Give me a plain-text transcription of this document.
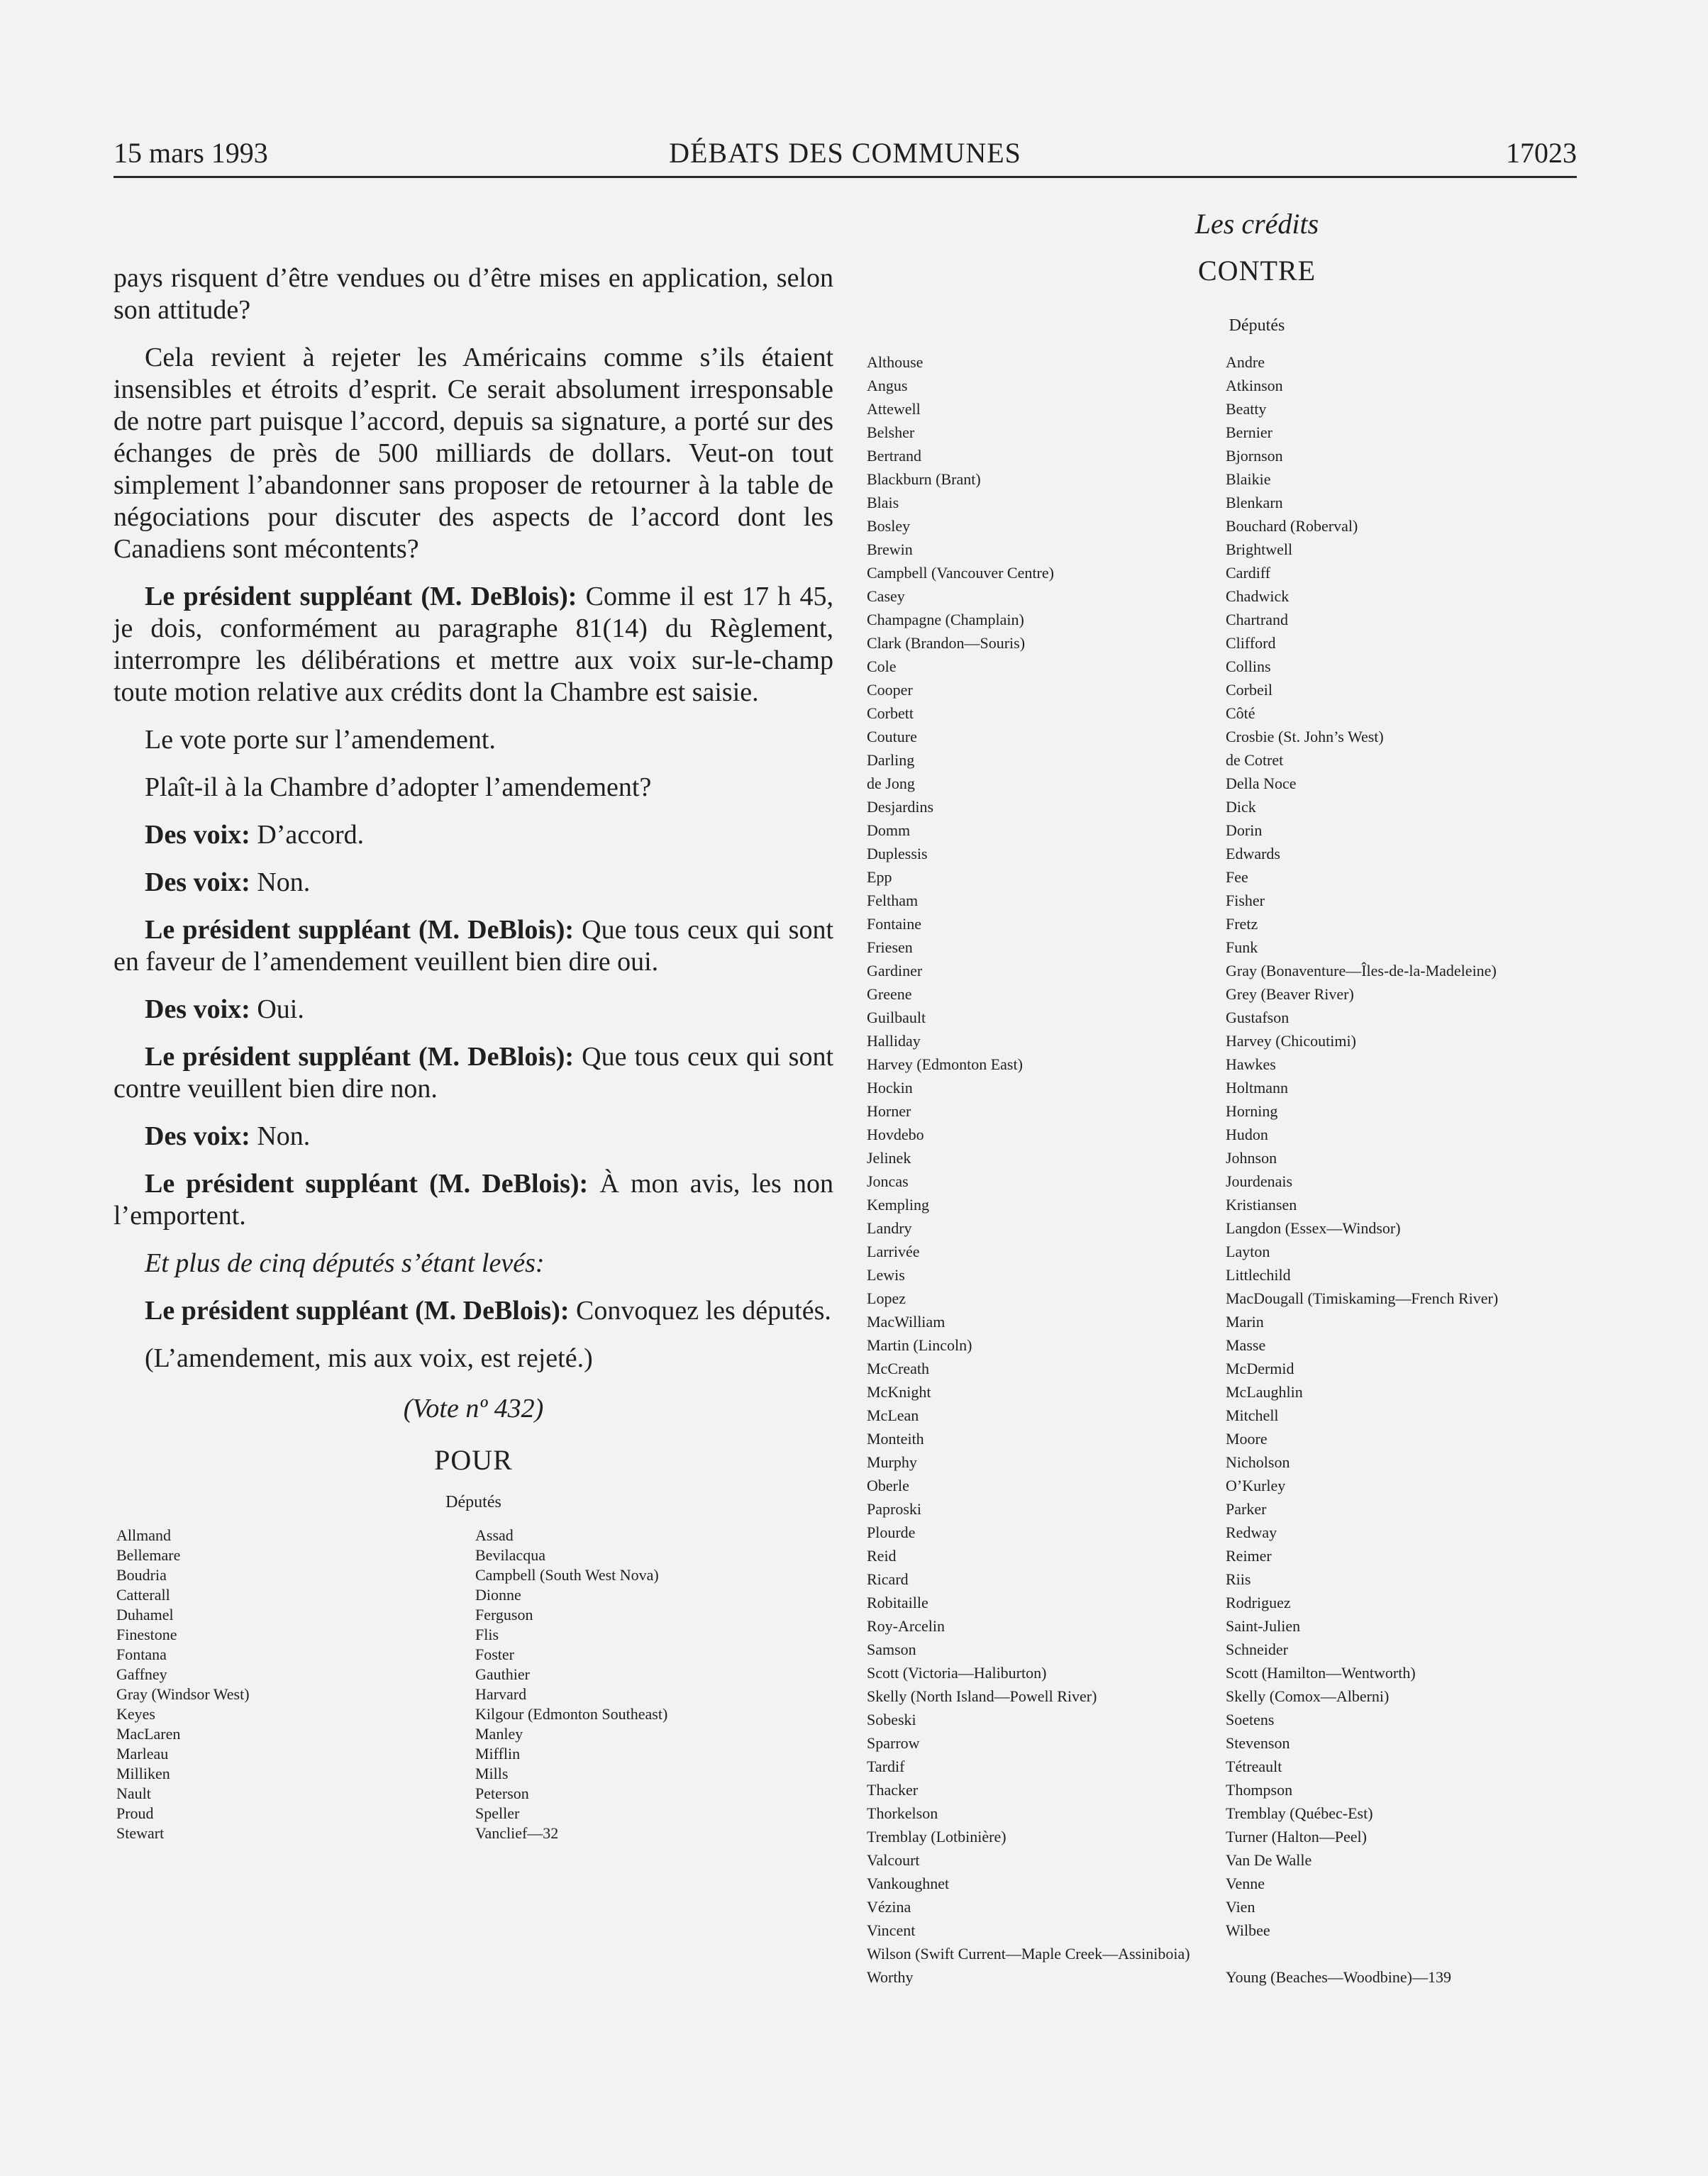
15 mars 1993	DÉBATS DES COMMUNES	17023

pays risquent d’être vendues ou d’être mises en application, selon son attitude?

Cela revient à rejeter les Américains comme s’ils étaient insensibles et étroits d’esprit. Ce serait absolument irresponsable de notre part puisque l’accord, depuis sa signature, a porté sur des échanges de près de 500 milliards de dollars. Veut-on tout simplement l’abandonner sans proposer de retourner à la table de négociations pour discuter des aspects de l’accord dont les Canadiens sont mécontents?

Le président suppléant (M. DeBlois): Comme il est 17 h 45, je dois, conformément au paragraphe 81(14) du Règlement, interrompre les délibérations et mettre aux voix sur-le-champ toute motion relative aux crédits dont la Chambre est saisie.

Le vote porte sur l’amendement.

Plaît-il à la Chambre d’adopter l’amendement?

Des voix: D’accord.

Des voix: Non.

Le président suppléant (M. DeBlois): Que tous ceux qui sont en faveur de l’amendement veuillent bien dire oui.

Des voix: Oui.

Le président suppléant (M. DeBlois): Que tous ceux qui sont contre veuillent bien dire non.

Des voix: Non.

Le président suppléant (M. DeBlois): À mon avis, les non l’emportent.

Et plus de cinq députés s’étant levés:

Le président suppléant (M. DeBlois): Convoquez les députés.

(L’amendement, mis aux voix, est rejeté.)

(Vote nº 432)
POUR
Députés
Allmand
Bellemare
Boudria
Catterall
Duhamel
Finestone
Fontana
Gaffney
Gray (Windsor West)
Keyes
MacLaren
Marleau
Milliken
Nault
Proud
Stewart
Assad
Bevilacqua
Campbell (South West Nova)
Dionne
Ferguson
Flis
Foster
Gauthier
Harvard
Kilgour (Edmonton Southeast)
Manley
Mifflin
Mills
Peterson
Speller
Vanclief—32
Les crédits
CONTRE
Députés
Althouse
Angus
Attewell
Belsher
Bertrand
Blackburn (Brant)
Blais
Bosley
Brewin
Campbell (Vancouver Centre)
Casey
Champagne (Champlain)
Clark (Brandon—Souris)
Cole
Cooper
Corbett
Couture
Darling
de Jong
Desjardins
Domm
Duplessis
Epp
Feltham
Fontaine
Friesen
Gardiner
Greene
Guilbault
Halliday
Harvey (Edmonton East)
Hockin
Horner
Hovdebo
Jelinek
Joncas
Kempling
Landry
Larrivée
Lewis
Lopez
MacWilliam
Martin (Lincoln)
McCreath
McKnight
McLean
Monteith
Murphy
Oberle
Paproski
Plourde
Reid
Ricard
Robitaille
Roy-Arcelin
Samson
Scott (Victoria—Haliburton)
Skelly (North Island—Powell River)
Sobeski
Sparrow
Tardif
Thacker
Thorkelson
Tremblay (Lotbinière)
Valcourt
Vankoughnet
Vézina
Vincent
Wilson (Swift Current—Maple Creek—Assiniboia)
Worthy
Andre
Atkinson
Beatty
Bernier
Bjornson
Blaikie
Blenkarn
Bouchard (Roberval)
Brightwell
Cardiff
Chadwick
Chartrand
Clifford
Collins
Corbeil
Côté
Crosbie (St. John’s West)
de Cotret
Della Noce
Dick
Dorin
Edwards
Fee
Fisher
Fretz
Funk
Gray (Bonaventure—Îles-de-la-Madeleine)
Grey (Beaver River)
Gustafson
Harvey (Chicoutimi)
Hawkes
Holtmann
Horning
Hudon
Johnson
Jourdenais
Kristiansen
Langdon (Essex—Windsor)
Layton
Littlechild
MacDougall (Timiskaming—French River)
Marin
Masse
McDermid
McLaughlin
Mitchell
Moore
Nicholson
O’Kurley
Parker
Redway
Reimer
Riis
Rodriguez
Saint-Julien
Schneider
Scott (Hamilton—Wentworth)
Skelly (Comox—Alberni)
Soetens
Stevenson
Tétreault
Thompson
Tremblay (Québec-Est)
Turner (Halton—Peel)
Van De Walle
Venne
Vien
Wilbee

Young (Beaches—Woodbine)—139
